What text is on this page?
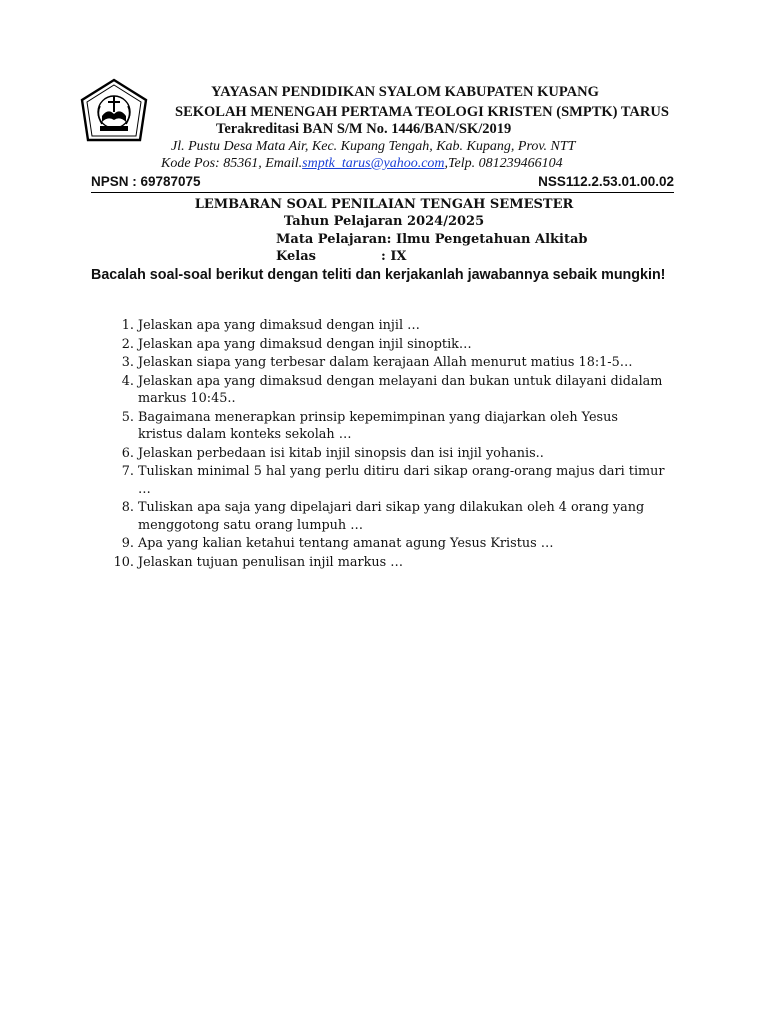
YAYASAN PENDIDIKAN SYALOM KABUPATEN KUPANG
SEKOLAH MENENGAH PERTAMA TEOLOGI KRISTEN (SMPTK) TARUS
Terakreditasi BAN S/M No. 1446/BAN/SK/2019
Jl. Pustu Desa Mata Air, Kec. Kupang Tengah, Kab. Kupang, Prov. NTT
Kode Pos: 85361, Email.smptk_tarus@yahoo.com,Telp. 081239466104
NPSN : 69787075	NSS112.2.53.01.00.02
LEMBARAN SOAL PENILAIAN TENGAH SEMESTER
Tahun Pelajaran 2024/2025
Mata Pelajaran: Ilmu Pengetahuan Alkitab
Kelas	: IX
Bacalah soal-soal berikut dengan teliti dan kerjakanlah jawabannya sebaik mungkin!
1. Jelaskan apa yang dimaksud dengan injil …
2. Jelaskan apa yang dimaksud dengan injil sinoptik…
3. Jelaskan siapa yang terbesar dalam kerajaan Allah menurut matius 18:1-5…
4. Jelaskan apa yang dimaksud dengan melayani dan bukan untuk dilayani didalam markus 10:45..
5. Bagaimana menerapkan prinsip kepemimpinan yang diajarkan oleh Yesus kristus dalam konteks sekolah …
6. Jelaskan perbedaan isi kitab injil sinopsis dan isi injil yohanis..
7. Tuliskan minimal 5 hal yang perlu ditiru dari sikap orang-orang majus dari timur …
8. Tuliskan apa saja yang dipelajari dari sikap yang dilakukan oleh 4 orang yang menggotong satu orang lumpuh …
9. Apa yang kalian ketahui tentang amanat agung Yesus Kristus …
10. Jelaskan tujuan penulisan injil markus …
